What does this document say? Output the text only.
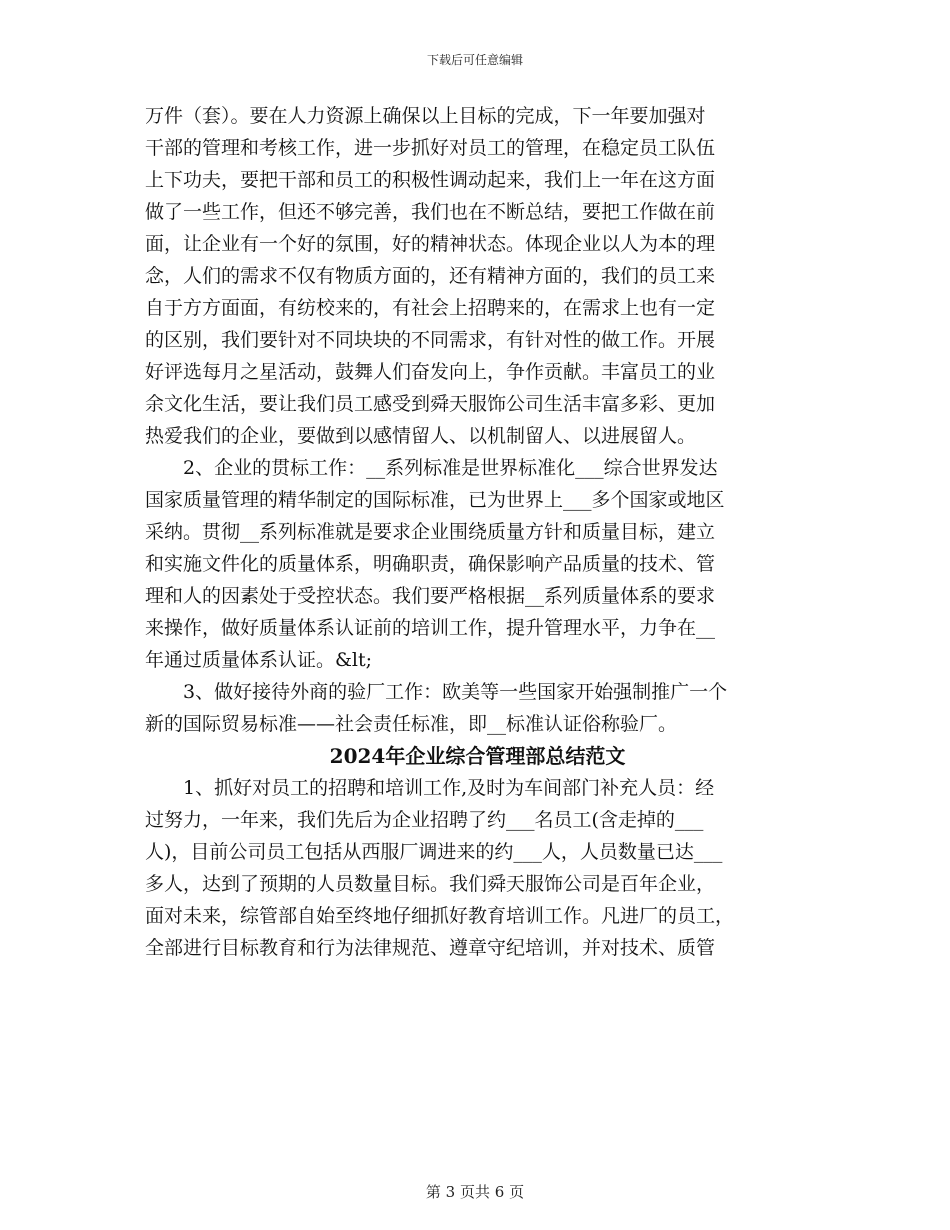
下载后可任意编辑
万件（套）。要在人力资源上确保以上目标的完成，下一年要加强对
干部的管理和考核工作，进一步抓好对员工的管理，在稳定员工队伍
上下功夫，要把干部和员工的积极性调动起来，我们上一年在这方面
做了一些工作，但还不够完善，我们也在不断总结，要把工作做在前
面，让企业有一个好的氛围，好的精神状态。体现企业以人为本的理
念，人们的需求不仅有物质方面的，还有精神方面的，我们的员工来
自于方方面面，有纺校来的，有社会上招聘来的，在需求上也有一定
的区别，我们要针对不同块块的不同需求，有针对性的做工作。开展
好评选每月之星活动，鼓舞人们奋发向上，争作贡献。丰富员工的业
余文化生活，要让我们员工感受到舜天服饰公司生活丰富多彩、更加
热爱我们的企业，要做到以感情留人、以机制留人、以进展留人。
　　2、企业的贯标工作：__系列标准是世界标准化___综合世界发达
国家质量管理的精华制定的国际标准，已为世界上___多个国家或地区
采纳。贯彻__系列标准就是要求企业围绕质量方针和质量目标，建立
和实施文件化的质量体系，明确职责，确保影响产品质量的技术、管
理和人的因素处于受控状态。我们要严格根据__系列质量体系的要求
来操作，做好质量体系认证前的培训工作，提升管理水平，力争在__
年通过质量体系认证。&lt;
　　3、做好接待外商的验厂工作：欧美等一些国家开始强制推广一个
新的国际贸易标准——社会责任标准，即__标准认证俗称验厂。
2024年企业综合管理部总结范文
　　1、抓好对员工的招聘和培训工作,及时为车间部门补充人员：经
过努力，一年来，我们先后为企业招聘了约___名员工(含走掉的___
人)，目前公司员工包括从西服厂调进来的约___人，人员数量已达___
多人，达到了预期的人员数量目标。我们舜天服饰公司是百年企业，
面对未来，综管部自始至终地仔细抓好教育培训工作。凡进厂的员工，
全部进行目标教育和行为法律规范、遵章守纪培训，并对技术、质管
第 3 页共 6 页
